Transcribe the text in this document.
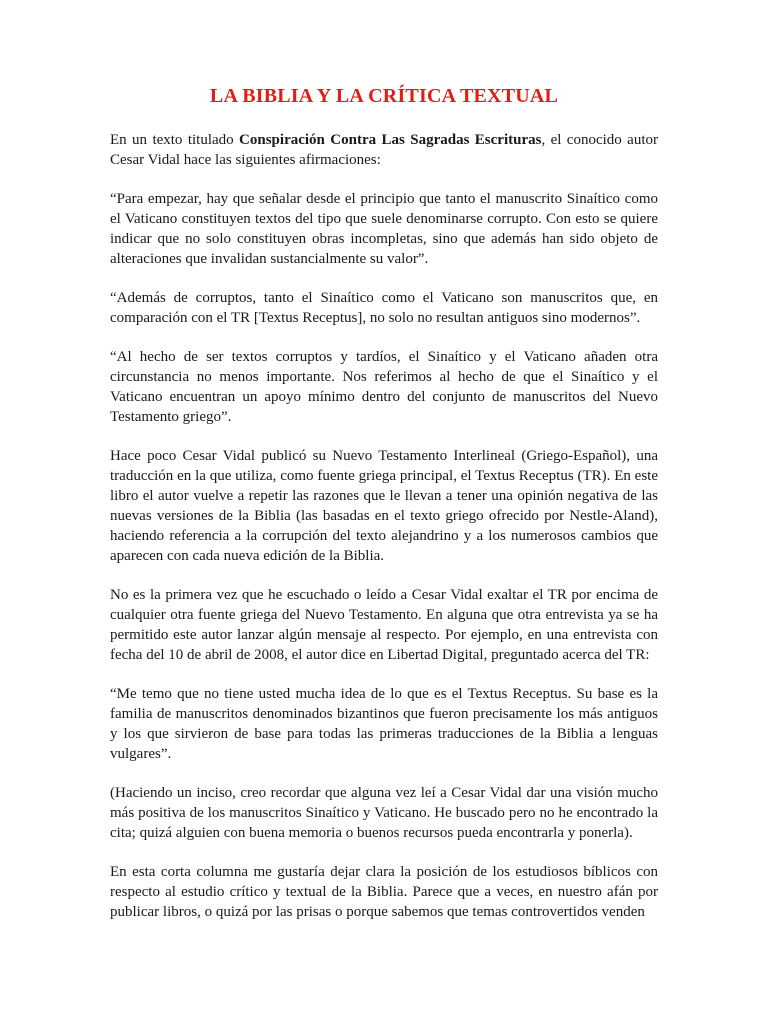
LA BIBLIA Y LA CRÍTICA TEXTUAL

En un texto titulado Conspiración Contra Las Sagradas Escrituras, el conocido autor Cesar Vidal hace las siguientes afirmaciones:

“Para empezar, hay que señalar desde el principio que tanto el manuscrito Sinaítico como el Vaticano constituyen textos del tipo que suele denominarse corrupto. Con esto se quiere indicar que no solo constituyen obras incompletas, sino que además han sido objeto de alteraciones que invalidan sustancialmente su valor”.

“Además de corruptos, tanto el Sinaítico como el Vaticano son manuscritos que, en comparación con el TR [Textus Receptus], no solo no resultan antiguos sino modernos”.

“Al hecho de ser textos corruptos y tardíos, el Sinaítico y el Vaticano añaden otra circunstancia no menos importante. Nos referimos al hecho de que el Sinaítico y el Vaticano encuentran un apoyo mínimo dentro del conjunto de manuscritos del Nuevo Testamento griego”.

Hace poco Cesar Vidal publicó su Nuevo Testamento Interlineal (Griego-Español), una traducción en la que utiliza, como fuente griega principal, el Textus Receptus (TR). En este libro el autor vuelve a repetir las razones que le llevan a tener una opinión negativa de las nuevas versiones de la Biblia (las basadas en el texto griego ofrecido por Nestle-Aland), haciendo referencia a la corrupción del texto alejandrino y a los numerosos cambios que aparecen con cada nueva edición de la Biblia.

No es la primera vez que he escuchado o leído a Cesar Vidal exaltar el TR por encima de cualquier otra fuente griega del Nuevo Testamento. En alguna que otra entrevista ya se ha permitido este autor lanzar algún mensaje al respecto. Por ejemplo, en una entrevista con fecha del 10 de abril de 2008, el autor dice en Libertad Digital, preguntado acerca del TR:

“Me temo que no tiene usted mucha idea de lo que es el Textus Receptus. Su base es la familia de manuscritos denominados bizantinos que fueron precisamente los más antiguos y los que sirvieron de base para todas las primeras traducciones de la Biblia a lenguas vulgares”.

(Haciendo un inciso, creo recordar que alguna vez leí a Cesar Vidal dar una visión mucho más positiva de los manuscritos Sinaítico y Vaticano. He buscado pero no he encontrado la cita; quizá alguien con buena memoria o buenos recursos pueda encontrarla y ponerla).

En esta corta columna me gustaría dejar clara la posición de los estudiosos bíblicos con respecto al estudio crítico y textual de la Biblia. Parece que a veces, en nuestro afán por publicar libros, o quizá por las prisas o porque sabemos que temas controvertidos venden
